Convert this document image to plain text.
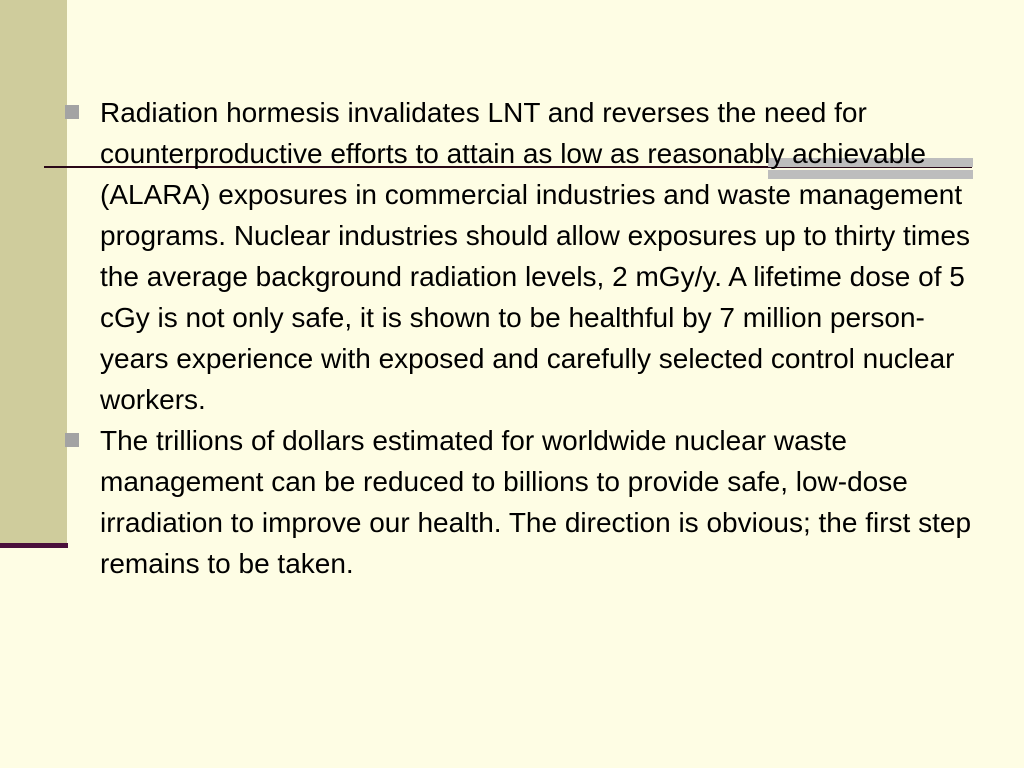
Radiation hormesis invalidates LNT and reverses the need for counterproductive efforts to attain as low as reasonably achievable (ALARA) exposures in commercial industries and waste management programs. Nuclear industries should allow exposures up to thirty times the average background radiation levels, 2 mGy/y. A lifetime dose of 5 cGy is not only safe, it is shown to be healthful by 7 million person-years experience with exposed and carefully selected control nuclear workers.
The trillions of dollars estimated for worldwide nuclear waste management can be reduced to billions to provide safe, low-dose irradiation to improve our health. The direction is obvious; the first step remains to be taken.
